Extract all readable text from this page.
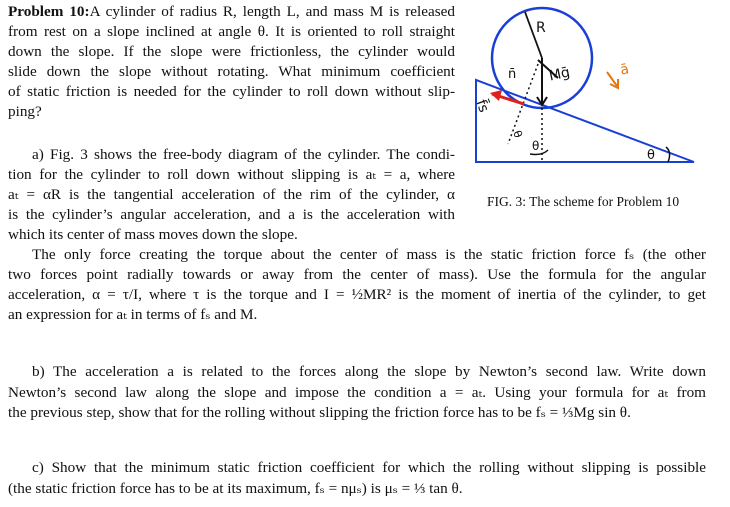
Problem 10:A cylinder of radius R, length L, and mass M is released
from rest on a slope inclined at angle θ. It is oriented to roll straight
down the slope. If the slope were frictionless, the cylinder would
slide down the slope without rotating. What minimum coefficient
of static friction is needed for the cylinder to roll down without slip-
ping?
R
n̄ Mḡ	ā
f̄s
θ
θ
θ
FIG. 3: The scheme for Problem 10
a) Fig. 3 shows the free-body diagram of the cylinder. The condi-
tion for the cylinder to roll down without slipping is aₜ = a, where
aₜ = αR is the tangential acceleration of the rim of the cylinder, α
is the cylinder’s angular acceleration, and a is the acceleration with
which its center of mass moves down the slope.
The only force creating the torque about the center of mass is the static friction force fₛ (the other
two forces point radially towards or away from the center of mass). Use the formula for the angular
acceleration, α = τ/I, where τ is the torque and I = ½MR² is the moment of inertia of the cylinder, to get
an expression for aₜ in terms of fₛ and M.
b) The acceleration a is related to the forces along the slope by Newton’s second law. Write down
Newton’s second law along the slope and impose the condition a = aₜ. Using your formula for aₜ from
the previous step, show that for the rolling without slipping the friction force has to be fₛ = ⅓Mg sin θ.
c) Show that the minimum static friction coefficient for which the rolling without slipping is possible
(the static friction force has to be at its maximum, fₛ = nμₛ) is μₛ = ⅓ tan θ.
